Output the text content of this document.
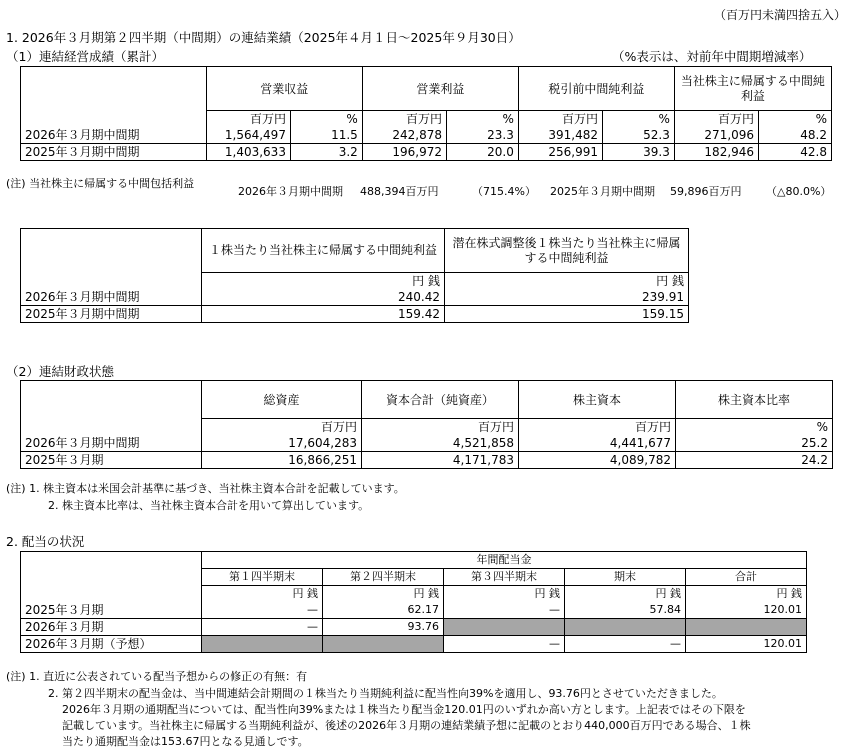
（百万円未満四捨五入）
1. 2026年３月期第２四半期（中間期）の連結業績（2025年４月１日～2025年９月30日）
（1）連結経営成績（累計）	（%表示は、対前年中間期増減率）
	営業収益		営業利益		税引前中間純利益		当社株主に帰属する中間純利益	
	百万円	%	百万円	%	百万円	%	百万円	%
2026年３月期中間期	1,564,497	11.5	242,878	23.3	391,482	52.3	271,096	48.2
2025年３月期中間期	1,403,633	3.2	196,972	20.0	256,991	39.3	182,946	42.8
(注) 当社株主に帰属する中間包括利益
2026年３月期中間期 488,394百万円	（715.4%） 2025年３月期中間期 59,896百万円 （△80.0%）
	１株当たり当社株主に帰属する中間純利益	潜在株式調整後１株当たり当社株主に帰属する中間純利益
	円 銭	円 銭
2026年３月期中間期	240.42	239.91
2025年３月期中間期	159.42	159.15
（2）連結財政状態
	総資産	資本合計（純資産）	株主資本	株主資本比率
	百万円	百万円	百万円	%
2026年３月期中間期	17,604,283	4,521,858	4,441,677	25.2
2025年３月期	16,866,251	4,171,783	4,089,782	24.2
(注) 1. 株主資本は米国会計基準に基づき、当社株主資本合計を記載しています。
2. 株主資本比率は、当社株主資本合計を用いて算出しています。
2. 配当の状況
	年間配当金				
	第１四半期末	第２四半期末	第３四半期末	期末	合計
	円 銭	円 銭	円 銭	円 銭	円 銭
2025年３月期	—	62.17	—	57.84	120.01
2026年３月期	—	93.76			
2026年３月期（予想）			—	—	120.01
(注) 1. 直近に公表されている配当予想からの修正の有無：有
2. 第２四半期末の配当金は、当中間連結会計期間の１株当たり当期純利益に配当性向39%を適用し、93.76円とさせていただきました。
2026年３月期の通期配当については、配当性向39%または１株当たり配当金120.01円のいずれか高い方とします。上記表ではその下限を
記載しています。当社株主に帰属する当期純利益が、後述の2026年３月期の連結業績予想に記載のとおり440,000百万円である場合、１株
当たり通期配当金は153.67円となる見通しです。
